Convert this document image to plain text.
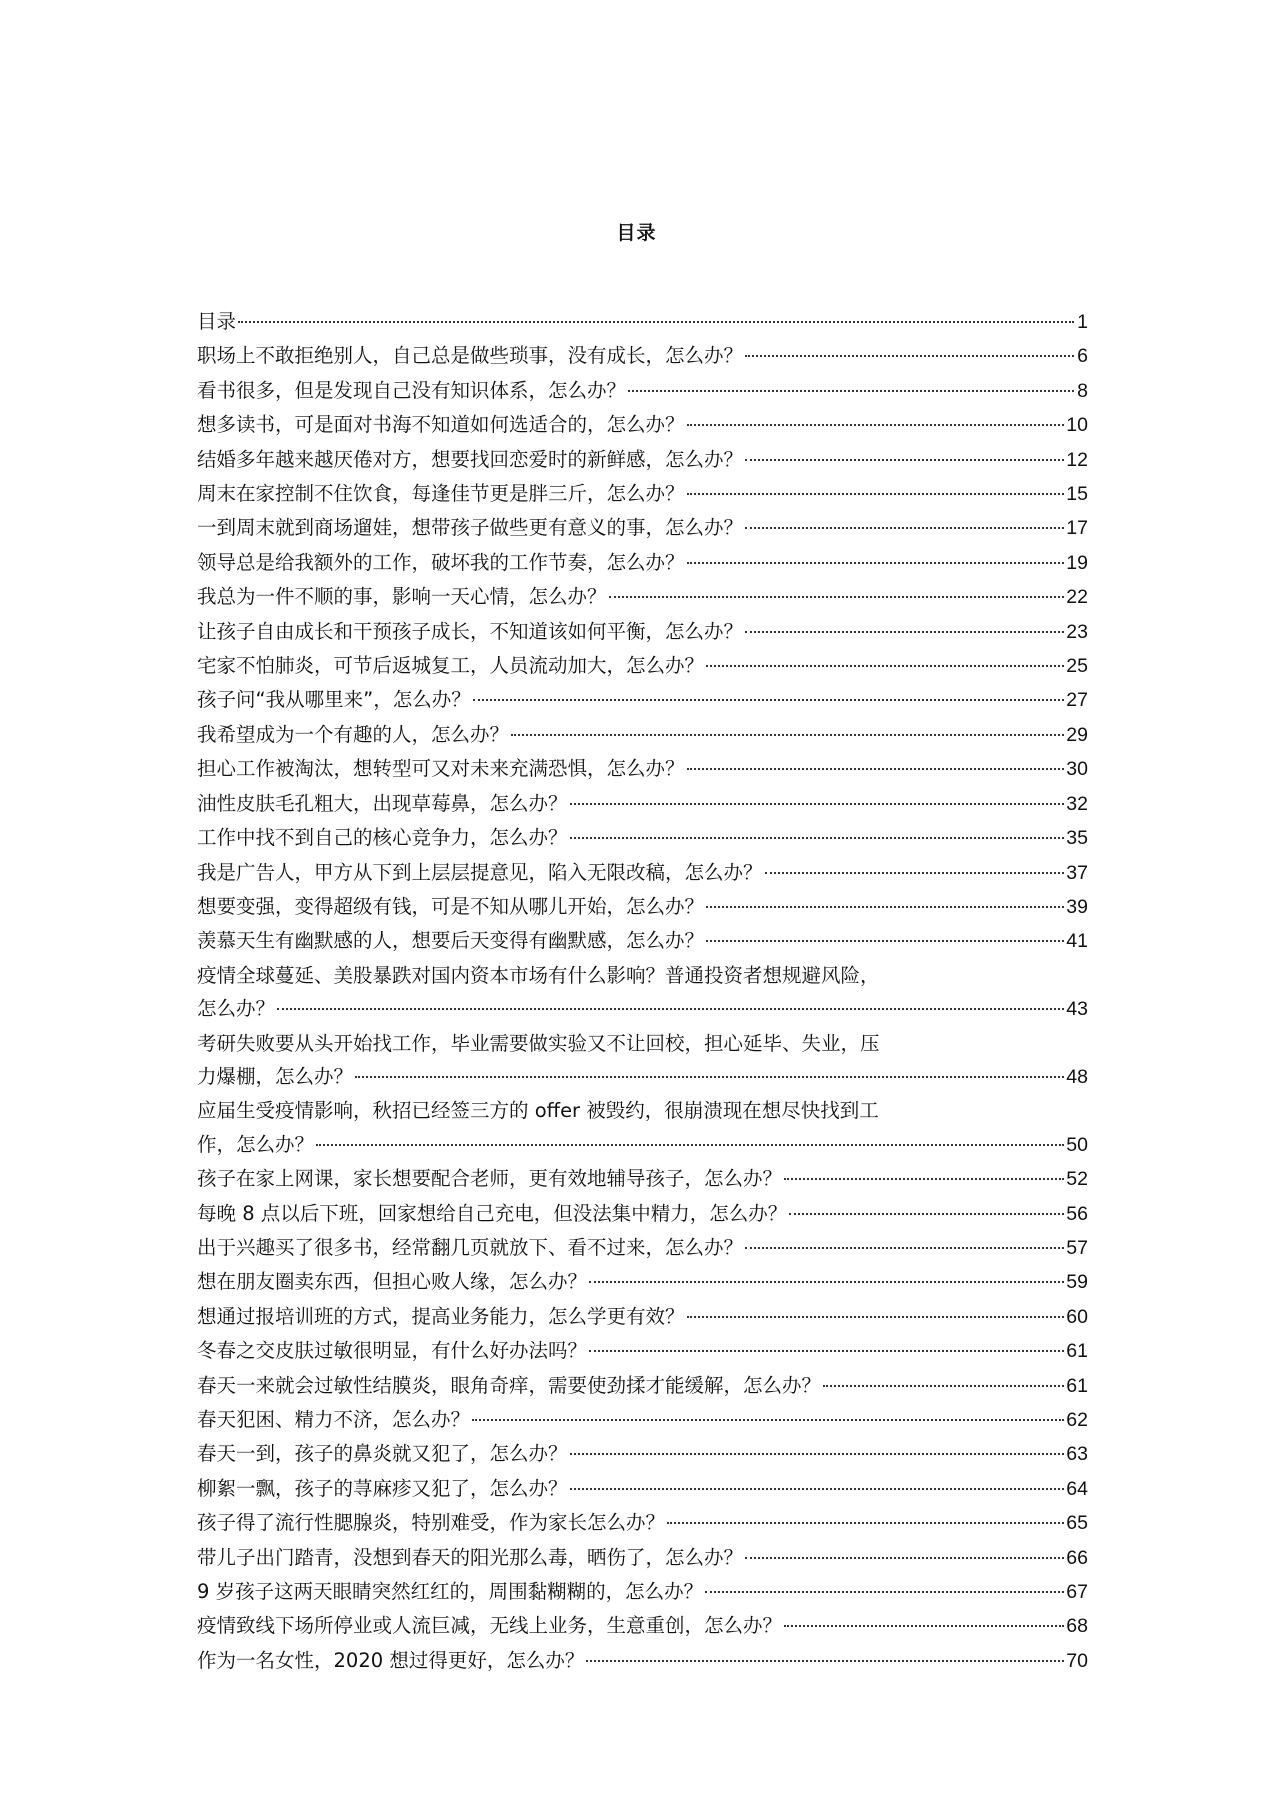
目录
目录	1
职场上不敢拒绝别人，自己总是做些琐事，没有成长，怎么办？	6
看书很多，但是发现自己没有知识体系，怎么办？	8
想多读书，可是面对书海不知道如何选适合的，怎么办？	10
结婚多年越来越厌倦对方，想要找回恋爱时的新鲜感，怎么办？	12
周末在家控制不住饮食，每逢佳节更是胖三斤，怎么办？	15
一到周末就到商场遛娃，想带孩子做些更有意义的事，怎么办？	17
领导总是给我额外的工作，破坏我的工作节奏，怎么办？	19
我总为一件不顺的事，影响一天心情，怎么办？	22
让孩子自由成长和干预孩子成长，不知道该如何平衡，怎么办？	23
宅家不怕肺炎，可节后返城复工，人员流动加大，怎么办？	25
孩子问“我从哪里来”，怎么办？	27
我希望成为一个有趣的人，怎么办？	29
担心工作被淘汰，想转型可又对未来充满恐惧，怎么办？	30
油性皮肤毛孔粗大，出现草莓鼻，怎么办？	32
工作中找不到自己的核心竞争力，怎么办？	35
我是广告人，甲方从下到上层层提意见，陷入无限改稿，怎么办？	37
想要变强，变得超级有钱，可是不知从哪儿开始，怎么办？	39
羡慕天生有幽默感的人，想要后天变得有幽默感，怎么办？	41
疫情全球蔓延、美股暴跌对国内资本市场有什么影响？普通投资者想规避风险，
怎么办？	43
考研失败要从头开始找工作，毕业需要做实验又不让回校，担心延毕、失业，压
力爆棚，怎么办？	48
应届生受疫情影响，秋招已经签三方的 offer 被毁约，很崩溃现在想尽快找到工
作，怎么办？	50
孩子在家上网课，家长想要配合老师，更有效地辅导孩子，怎么办？	52
每晚 8 点以后下班，回家想给自己充电，但没法集中精力，怎么办？	56
出于兴趣买了很多书，经常翻几页就放下、看不过来，怎么办？	57
想在朋友圈卖东西，但担心败人缘，怎么办？	59
想通过报培训班的方式，提高业务能力，怎么学更有效？	60
冬春之交皮肤过敏很明显，有什么好办法吗？	61
春天一来就会过敏性结膜炎，眼角奇痒，需要使劲揉才能缓解，怎么办？	61
春天犯困、精力不济，怎么办？	62
春天一到，孩子的鼻炎就又犯了，怎么办？	63
柳絮一飘，孩子的荨麻疹又犯了，怎么办？	64
孩子得了流行性腮腺炎，特别难受，作为家长怎么办？	65
带儿子出门踏青，没想到春天的阳光那么毒，晒伤了，怎么办？	66
9 岁孩子这两天眼睛突然红红的，周围黏糊糊的，怎么办？	67
疫情致线下场所停业或人流巨减，无线上业务，生意重创，怎么办？	68
作为一名女性，2020 想过得更好，怎么办？	70
